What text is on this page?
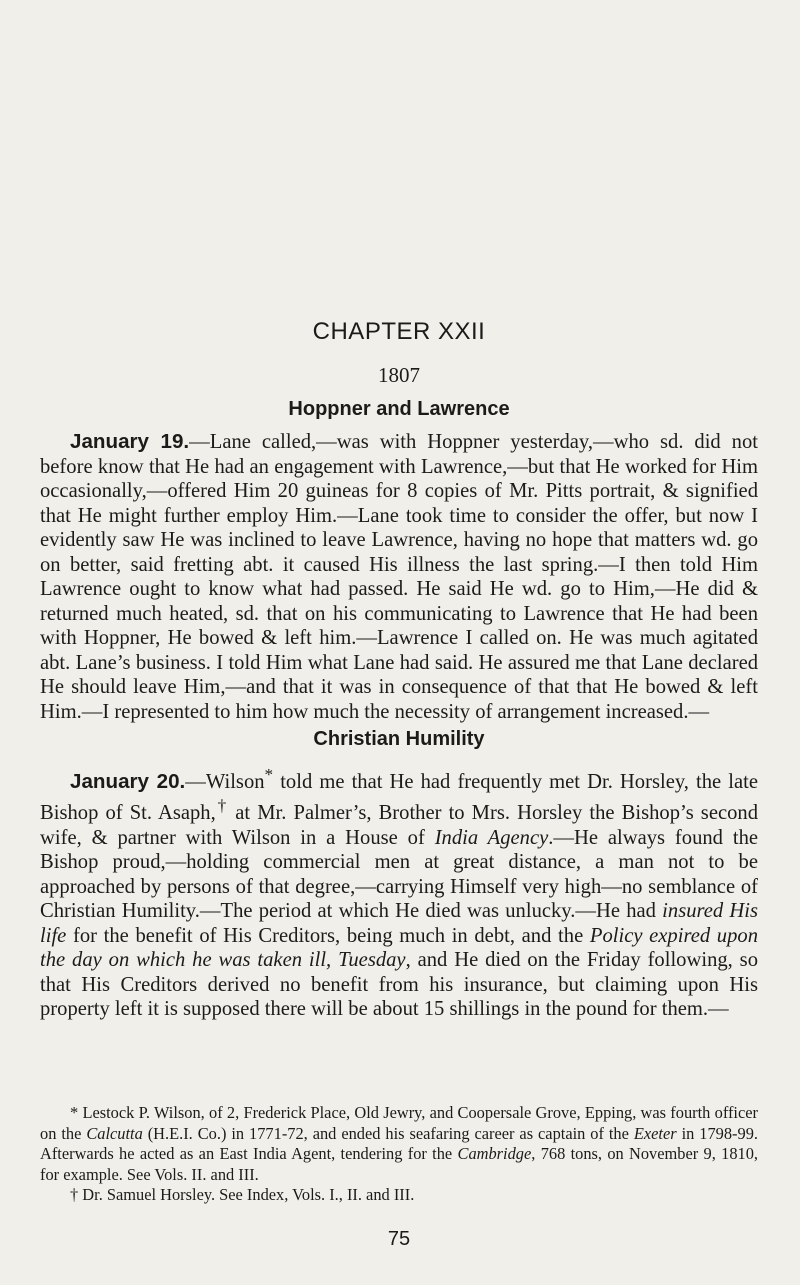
CHAPTER XXII
1807
Hoppner and Lawrence

January 19.—Lane called,—was with Hoppner yesterday,—who sd. did not before know that He had an engagement with Lawrence,—but that He worked for Him occasionally,—offered Him 20 guineas for 8 copies of Mr. Pitts portrait, & signified that He might further employ Him.—Lane took time to consider the offer, but now I evidently saw He was inclined to leave Lawrence, having no hope that matters wd. go on better, said fretting abt. it caused His illness the last spring.—I then told Him Lawrence ought to know what had passed. He said He wd. go to Him,—He did & returned much heated, sd. that on his communicating to Lawrence that He had been with Hoppner, He bowed & left him.—Lawrence I called on. He was much agitated abt. Lane’s business. I told Him what Lane had said. He assured me that Lane declared He should leave Him,—and that it was in consequence of that that He bowed & left Him.—I represented to him how much the necessity of arrangement increased.—

Christian Humility

January 20.—Wilson* told me that He had frequently met Dr. Horsley, the late Bishop of St. Asaph,† at Mr. Palmer’s, Brother to Mrs. Horsley the Bishop’s second wife, & partner with Wilson in a House of India Agency.—He always found the Bishop proud,—holding commercial men at great distance, a man not to be approached by persons of that degree,—carrying Himself very high—no semblance of Christian Humility.—The period at which He died was unlucky.—He had insured His life for the benefit of His Creditors, being much in debt, and the Policy expired upon the day on which he was taken ill, Tuesday, and He died on the Friday following, so that His Creditors derived no benefit from his insurance, but claiming upon His property left it is supposed there will be about 15 shillings in the pound for them.—

* Lestock P. Wilson, of 2, Frederick Place, Old Jewry, and Coopersale Grove, Epping, was fourth officer on the Calcutta (H.E.I. Co.) in 1771-72, and ended his seafaring career as captain of the Exeter in 1798-99. Afterwards he acted as an East India Agent, tendering for the Cambridge, 768 tons, on November 9, 1810, for example. See Vols. II. and III.

† Dr. Samuel Horsley. See Index, Vols. I., II. and III.

75
